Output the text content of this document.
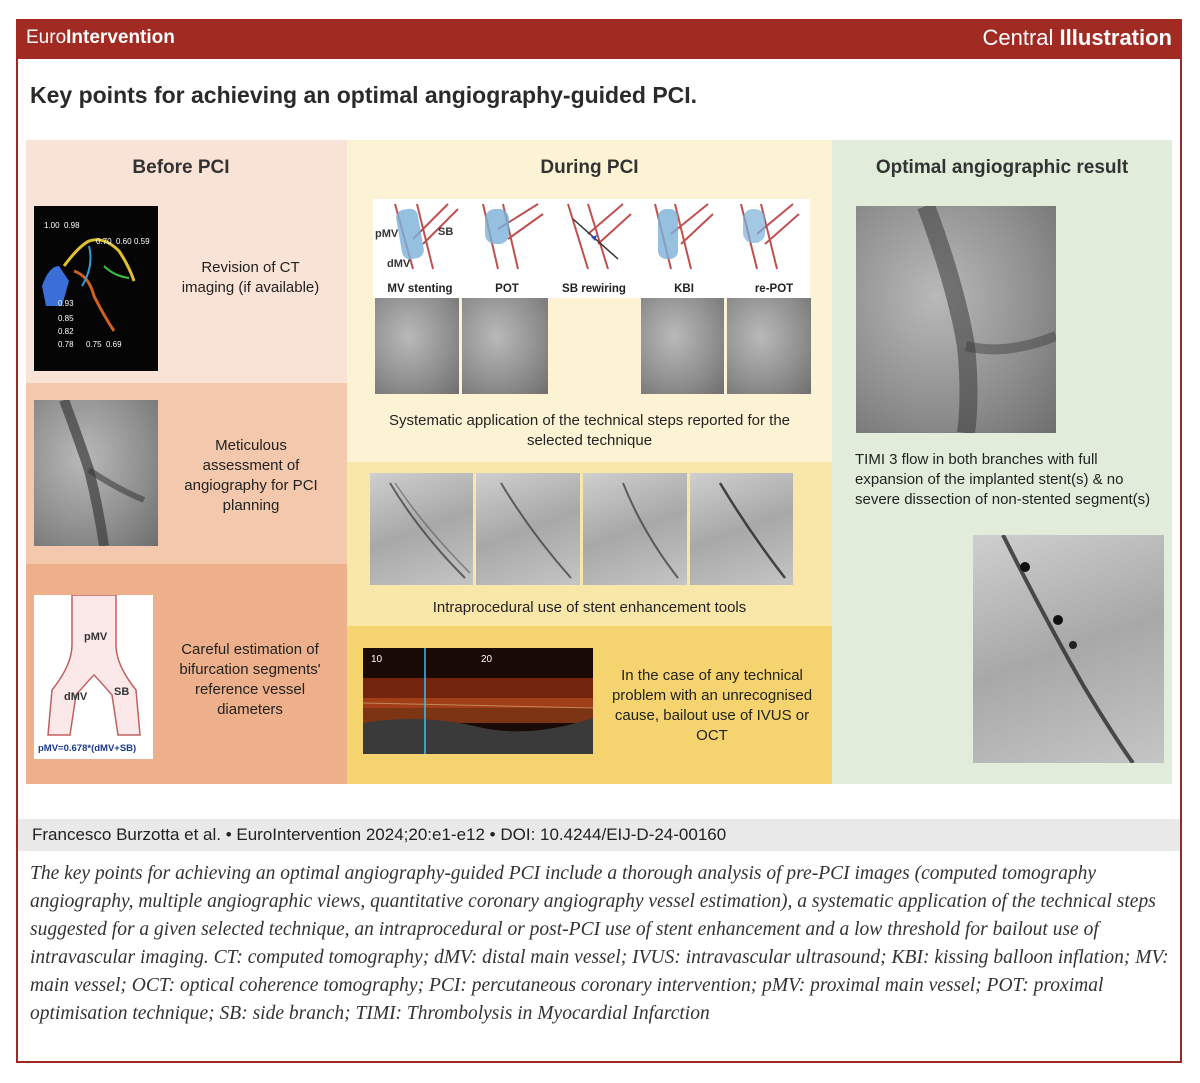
EuroIntervention	Central Illustration
Key points for achieving an optimal angiography-guided PCI.
Before PCI
1.00 0.98
0.70 0.60 0.59
0.93
0.85
0.82
0.78 0.75 0.69
Revision of CT imaging (if available)
Meticulous assessment of angiography for PCI planning
pMV
dMV SB
pMV=0.678*(dMV+SB)
Careful estimation of bifurcation segments' reference vessel diameters
During PCI
pMV
dMV
SB
MV stenting	POT	SB rewiring	KBI	re-POT
Systematic application of the technical steps reported for the selected technique
Intraprocedural use of stent enhancement tools
10	20
In the case of any technical problem with an unrecognised cause, bailout use of IVUS or OCT
Optimal angiographic result
TIMI 3 flow in both branches with full expansion of the implanted stent(s) & no severe dissection of non-stented segment(s)
Francesco Burzotta et al. • EuroIntervention 2024;20:e1-e12 • DOI: 10.4244/EIJ-D-24-00160
The key points for achieving an optimal angiography-guided PCI include a thorough analysis of pre-PCI images (computed tomography angiography, multiple angiographic views, quantitative coronary angiography vessel estimation), a systematic application of the technical steps suggested for a given selected technique, an intraprocedural or post-PCI use of stent enhancement and a low threshold for bailout use of intravascular imaging. CT: computed tomography; dMV: distal main vessel; IVUS: intravascular ultrasound; KBI: kissing balloon inflation; MV: main vessel; OCT: optical coherence tomography; PCI: percutaneous coronary intervention; pMV: proximal main vessel; POT: proximal optimisation technique; SB: side branch; TIMI: Thrombolysis in Myocardial Infarction
